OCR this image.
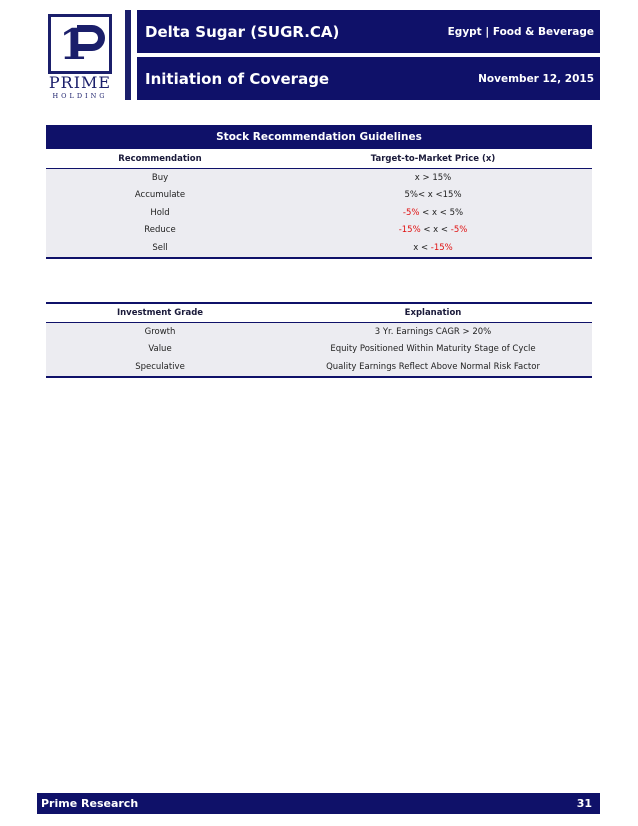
1
PRIME
HOLDING
Delta Sugar (SUGR.CA)	Egypt | Food & Beverage
Initiation of Coverage	November 12, 2015
Stock Recommendation Guidelines
Recommendation	Target-to-Market Price (x)
Buy	x > 15%
Accumulate	5%< x <15%
Hold	-5% < x < 5%
Reduce	-15% < x < -5%
Sell	x < -15%
Investment Grade	Explanation
Growth	3 Yr. Earnings CAGR > 20%
Value	Equity Positioned Within Maturity Stage of Cycle
Speculative	Quality Earnings Reflect Above Normal Risk Factor
Prime Research	31
